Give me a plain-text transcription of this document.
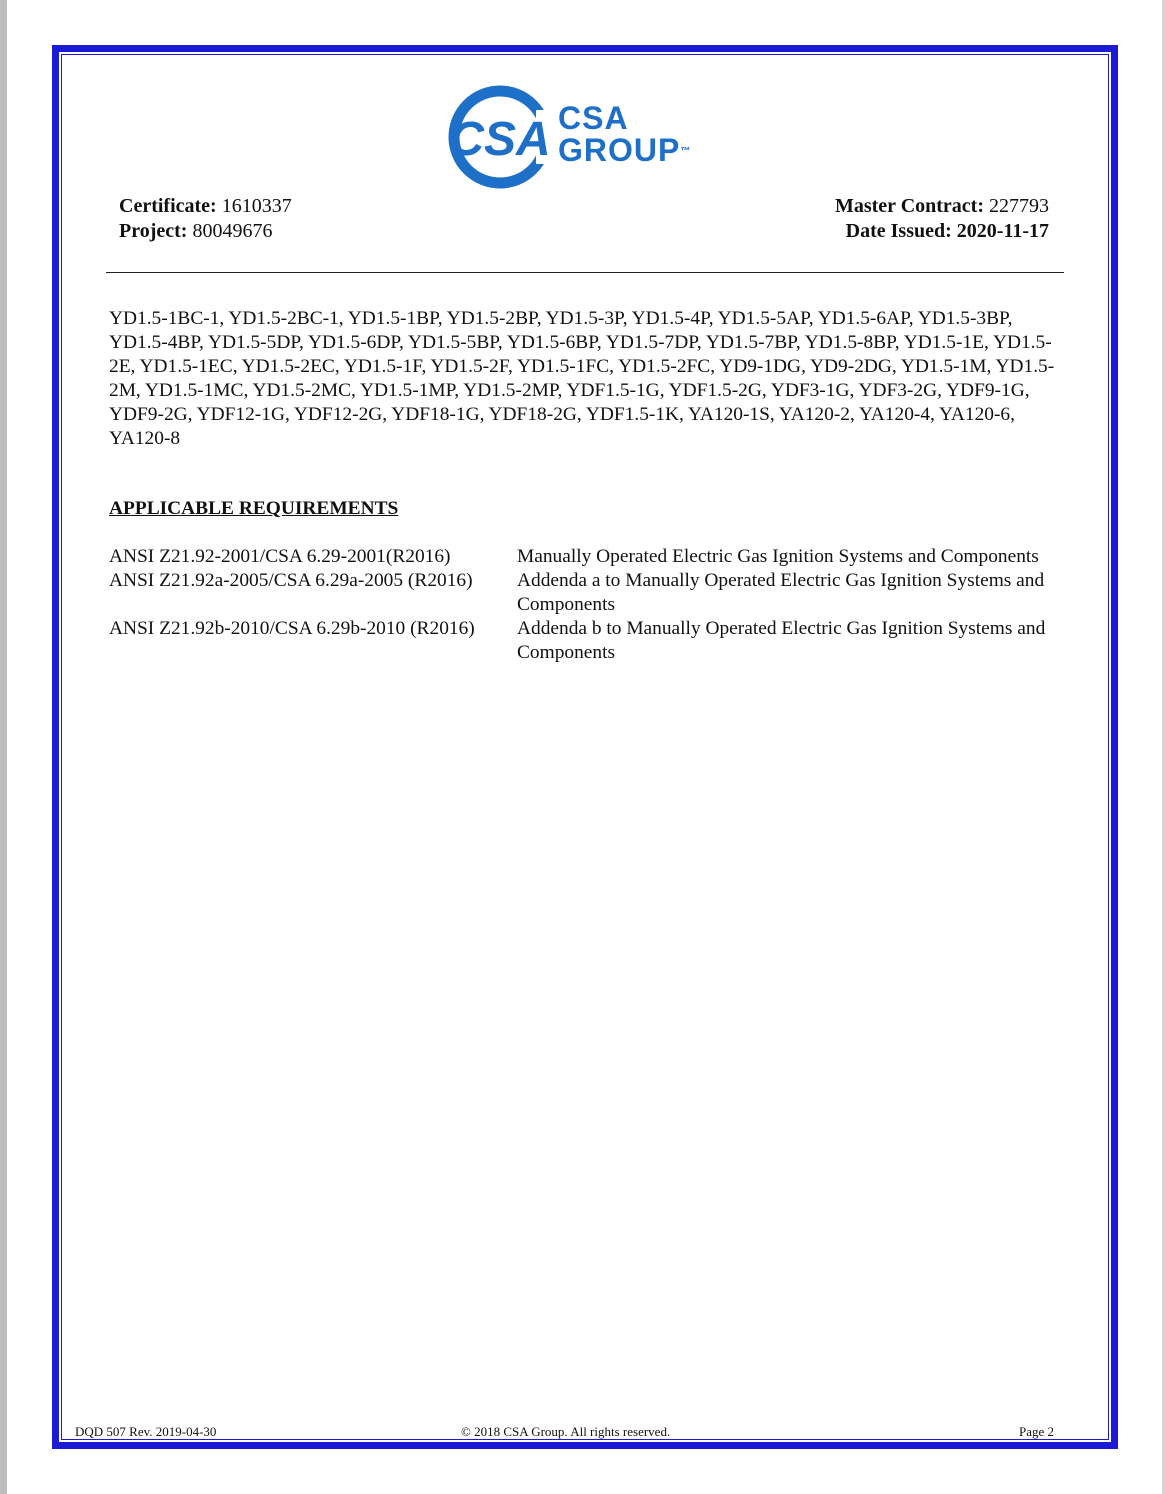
CSA CSA
GROUP™
Certificate: 1610337
Project: 80049676
Master Contract: 227793
Date Issued: 2020-11-17

YD1.5-1BC-1, YD1.5-2BC-1, YD1.5-1BP, YD1.5-2BP, YD1.5-3P, YD1.5-4P, YD1.5-5AP, YD1.5-6AP, YD1.5-3BP, YD1.5-4BP, YD1.5-5DP, YD1.5-6DP, YD1.5-5BP, YD1.5-6BP, YD1.5-7DP, YD1.5-7BP, YD1.5-8BP, YD1.5-1E, YD1.5-2E, YD1.5-1EC, YD1.5-2EC, YD1.5-1F, YD1.5-2F, YD1.5-1FC, YD1.5-2FC, YD9-1DG, YD9-2DG, YD1.5-1M, YD1.5-2M, YD1.5-1MC, YD1.5-2MC, YD1.5-1MP, YD1.5-2MP, YDF1.5-1G, YDF1.5-2G, YDF3-1G, YDF3-2G, YDF9-1G, YDF9-2G, YDF12-1G, YDF12-2G, YDF18-1G, YDF18-2G, YDF1.5-1K, YA120-1S, YA120-2, YA120-4, YA120-6, YA120-8

APPLICABLE REQUIREMENTS

ANSI Z21.92-2001/CSA 6.29-2001(R2016)	Manually Operated Electric Gas Ignition Systems and Components
ANSI Z21.92a-2005/CSA 6.29a-2005 (R2016)	Addenda a to Manually Operated Electric Gas Ignition Systems and Components
ANSI Z21.92b-2010/CSA 6.29b-2010 (R2016)	Addenda b to Manually Operated Electric Gas Ignition Systems and Components
DQD 507 Rev. 2019-04-30	© 2018 CSA Group. All rights reserved.	Page 2
